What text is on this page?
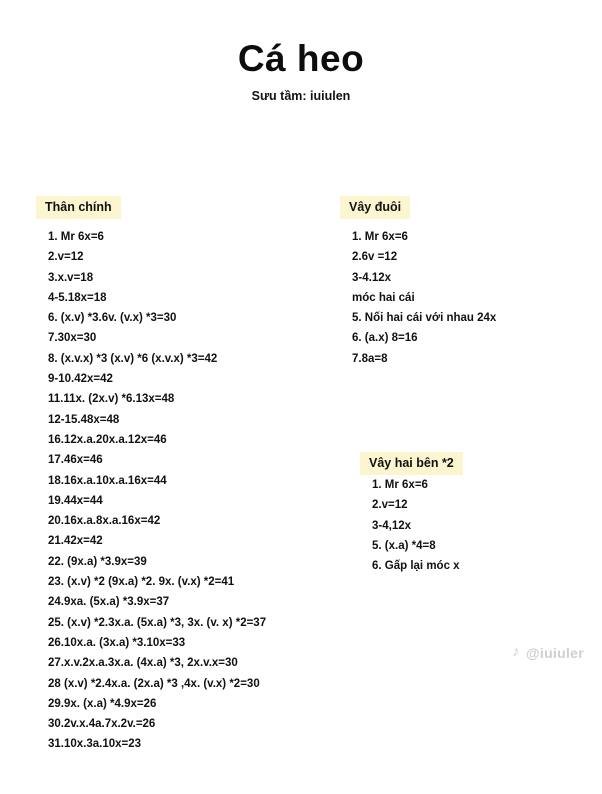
Cá heo
Sưu tầm: iuiulen
Thân chính
1. Mr 6x=6
2.v=12
3.x.v=18
4-5.18x=18
6. (x.v) *3.6v. (v.x) *3=30
7.30x=30
8. (x.v.x) *3 (x.v) *6 (x.v.x) *3=42
9-10.42x=42
11.11x. (2x.v) *6.13x=48
12-15.48x=48
16.12x.a.20x.a.12x=46
17.46x=46
18.16x.a.10x.a.16x=44
19.44x=44
20.16x.a.8x.a.16x=42
21.42x=42
22. (9x.a) *3.9x=39
23. (x.v) *2 (9x.a) *2. 9x. (v.x) *2=41
24.9xa. (5x.a) *3.9x=37
25. (x.v) *2.3x.a. (5x.a) *3, 3x. (v. x) *2=37
26.10x.a. (3x.a) *3.10x=33
27.x.v.2x.a.3x.a. (4x.a) *3, 2x.v.x=30
28 (x.v) *2.4x.a. (2x.a) *3 ,4x. (v.x) *2=30
29.9x. (x.a) *4.9x=26
30.2v.x.4a.7x.2v.=26
31.10x.3a.10x=23
Vây đuôi
1. Mr 6x=6
2.6v =12
3-4.12x
móc hai cái
5. Nối hai cái với nhau 24x
6. (a.x) 8=16
7.8a=8
Vây hai bên *2
1. Mr 6x=6
2.v=12
3-4,12x
5. (x.a) *4=8
6. Gấp lại móc x
♪ @iuiuler
